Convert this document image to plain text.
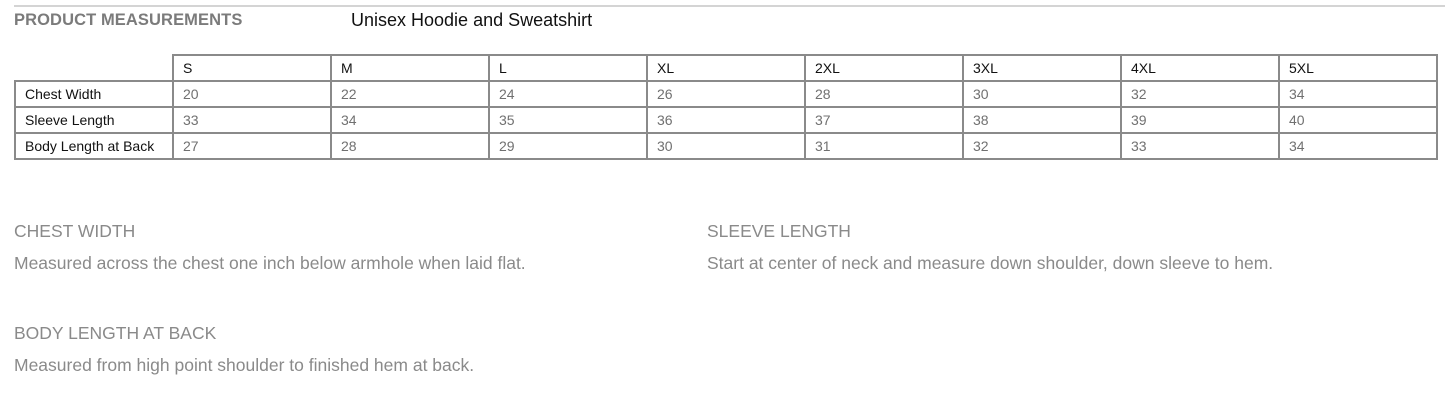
PRODUCT MEASUREMENTS	Unisex Hoodie and Sweatshirt
	S	M	L	XL	2XL	3XL	4XL	5XL
Chest Width	20	22	24	26	28	30	32	34
Sleeve Length	33	34	35	36	37	38	39	40
Body Length at Back	27	28	29	30	31	32	33	34
CHEST WIDTH
Measured across the chest one inch below armhole when laid flat.
SLEEVE LENGTH
Start at center of neck and measure down shoulder, down sleeve to hem.
BODY LENGTH AT BACK
Measured from high point shoulder to finished hem at back.
